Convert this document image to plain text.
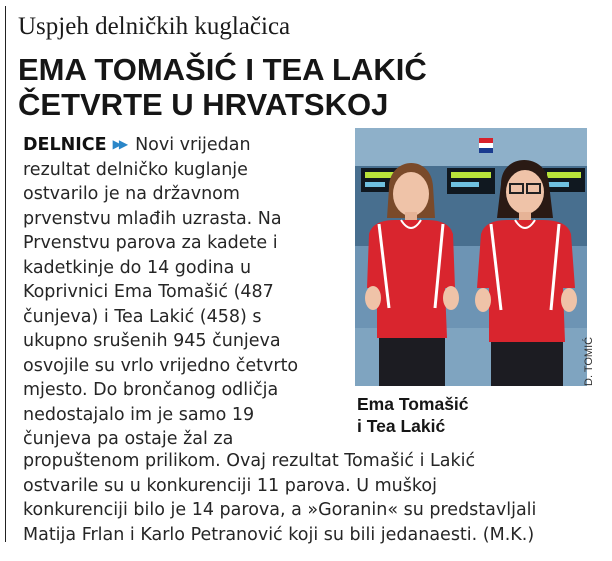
Uspjeh delničkih kuglačica
EMA TOMAŠIĆ I TEA LAKIĆ
ČETVRTE U HRVATSKOJ
DELNICE ▶▶ Novi vrijedan
rezultat delničko kuglanje
ostvarilo je na državnom
prvenstvu mlađih uzrasta. Na
Prvenstvu parova za kadete i
kadetkinje do 14 godina u
Koprivnici Ema Tomašić (487
čunjeva) i Tea Lakić (458) s
ukupno srušenih 945 čunjeva
osvojile su vrlo vrijedno četvrto
mjesto. Do brončanog odličja
nedostajalo im je samo 19
čunjeva pa ostaje žal za
propuštenom prilikom. Ovaj rezultat Tomašić i Lakić
ostvarile su u konkurenciji 11 parova. U muškoj
konkurenciji bilo je 14 parova, a »Goranin« su predstavljali
Matija Frlan i Karlo Petranović koji su bili jedanaesti. (M.K.)
D. TOMIĆ
Ema Tomašić
i Tea Lakić
